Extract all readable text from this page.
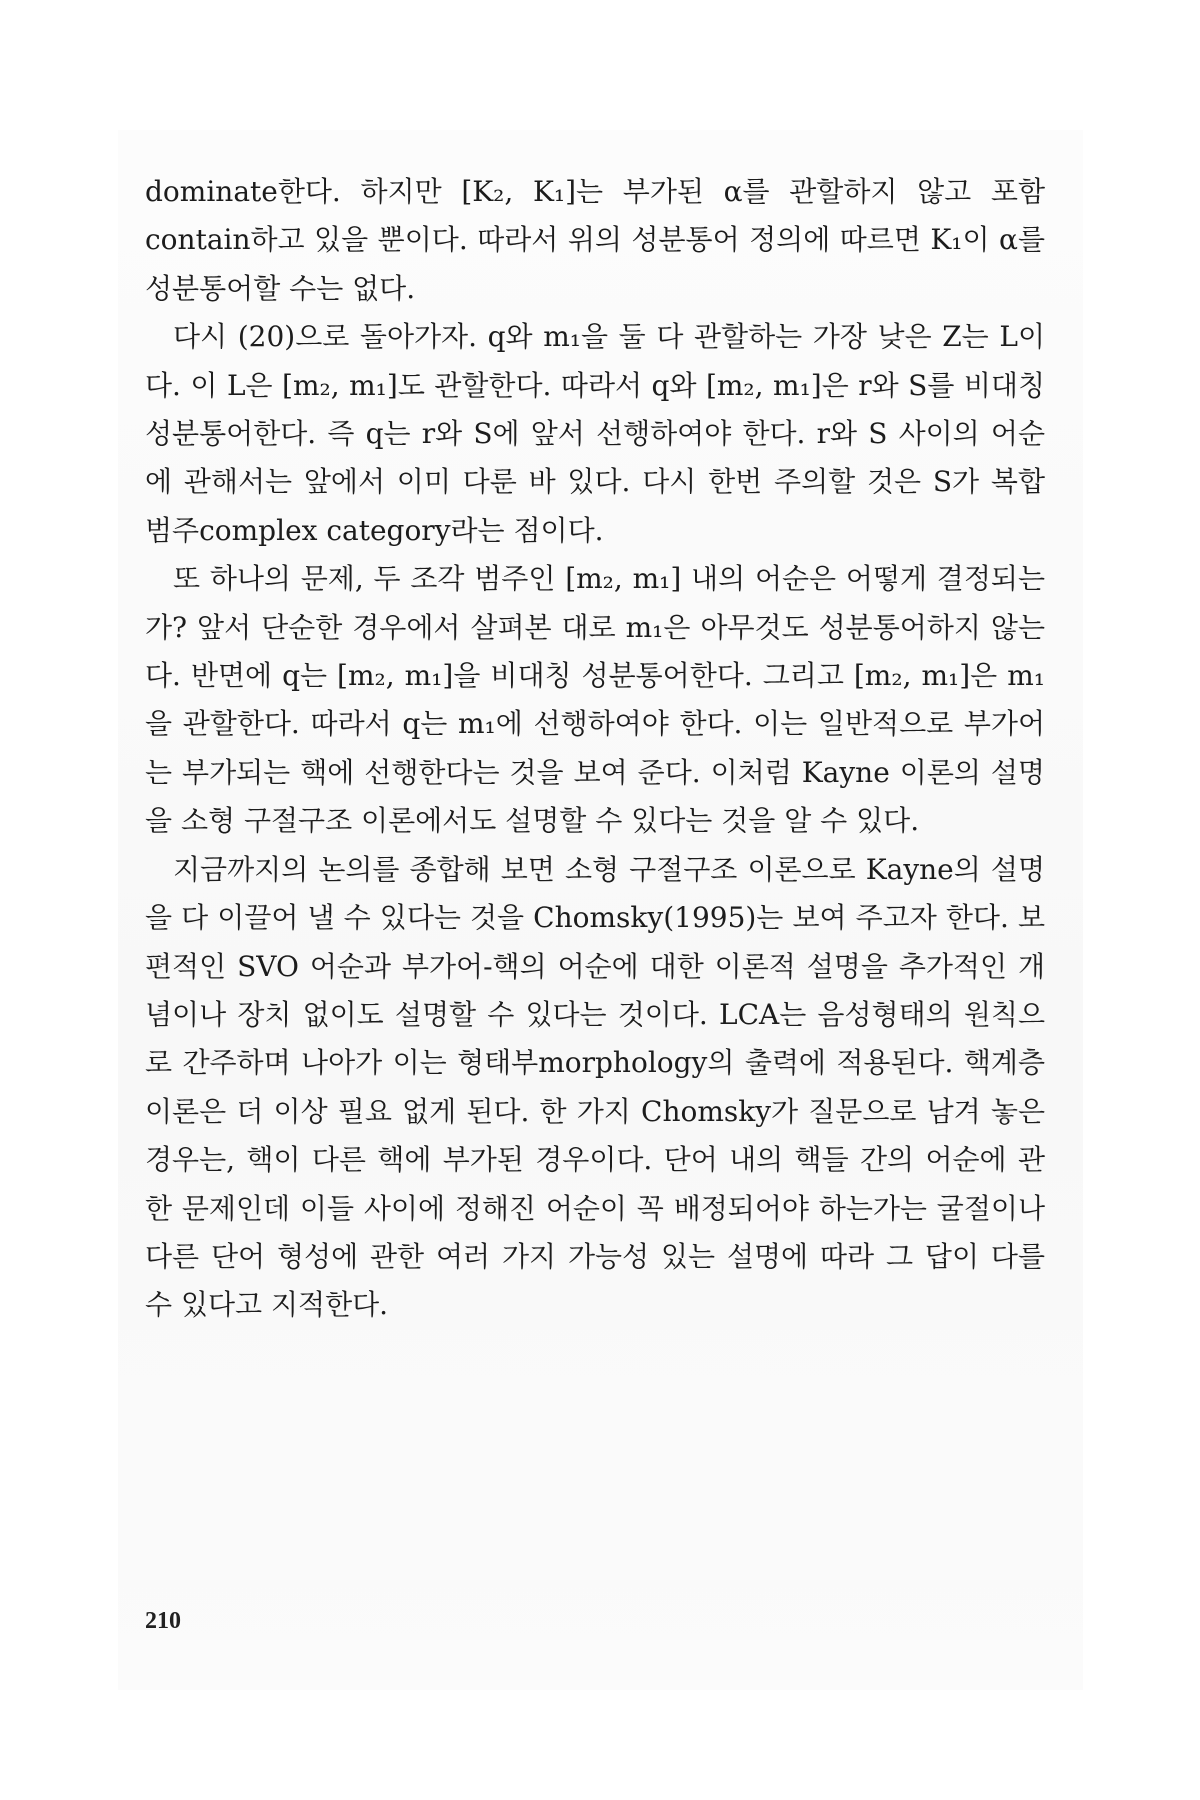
dominate한다. 하지만 [K₂, K₁]는 부가된 α를 관할하지 않고 포함 contain하고 있을 뿐이다. 따라서 위의 성분통어 정의에 따르면 K₁이 α를 성분통어할 수는 없다.

다시 (20)으로 돌아가자. q와 m₁을 둘 다 관할하는 가장 낮은 Z는 L이다. 이 L은 [m₂, m₁]도 관할한다. 따라서 q와 [m₂, m₁]은 r와 S를 비대칭 성분통어한다. 즉 q는 r와 S에 앞서 선행하여야 한다. r와 S 사이의 어순에 관해서는 앞에서 이미 다룬 바 있다. 다시 한번 주의할 것은 S가 복합 범주complex category라는 점이다.

또 하나의 문제, 두 조각 범주인 [m₂, m₁] 내의 어순은 어떻게 결정되는가? 앞서 단순한 경우에서 살펴본 대로 m₁은 아무것도 성분통어하지 않는다. 반면에 q는 [m₂, m₁]을 비대칭 성분통어한다. 그리고 [m₂, m₁]은 m₁을 관할한다. 따라서 q는 m₁에 선행하여야 한다. 이는 일반적으로 부가어는 부가되는 핵에 선행한다는 것을 보여 준다. 이처럼 Kayne 이론의 설명을 소형 구절구조 이론에서도 설명할 수 있다는 것을 알 수 있다.

지금까지의 논의를 종합해 보면 소형 구절구조 이론으로 Kayne의 설명을 다 이끌어 낼 수 있다는 것을 Chomsky(1995)는 보여 주고자 한다. 보편적인 SVO 어순과 부가어-핵의 어순에 대한 이론적 설명을 추가적인 개념이나 장치 없이도 설명할 수 있다는 것이다. LCA는 음성형태의 원칙으로 간주하며 나아가 이는 형태부morphology의 출력에 적용된다. 핵계층 이론은 더 이상 필요 없게 된다. 한 가지 Chomsky가 질문으로 남겨 놓은 경우는, 핵이 다른 핵에 부가된 경우이다. 단어 내의 핵들 간의 어순에 관한 문제인데 이들 사이에 정해진 어순이 꼭 배정되어야 하는가는 굴절이나 다른 단어 형성에 관한 여러 가지 가능성 있는 설명에 따라 그 답이 다를 수 있다고 지적한다.

210
